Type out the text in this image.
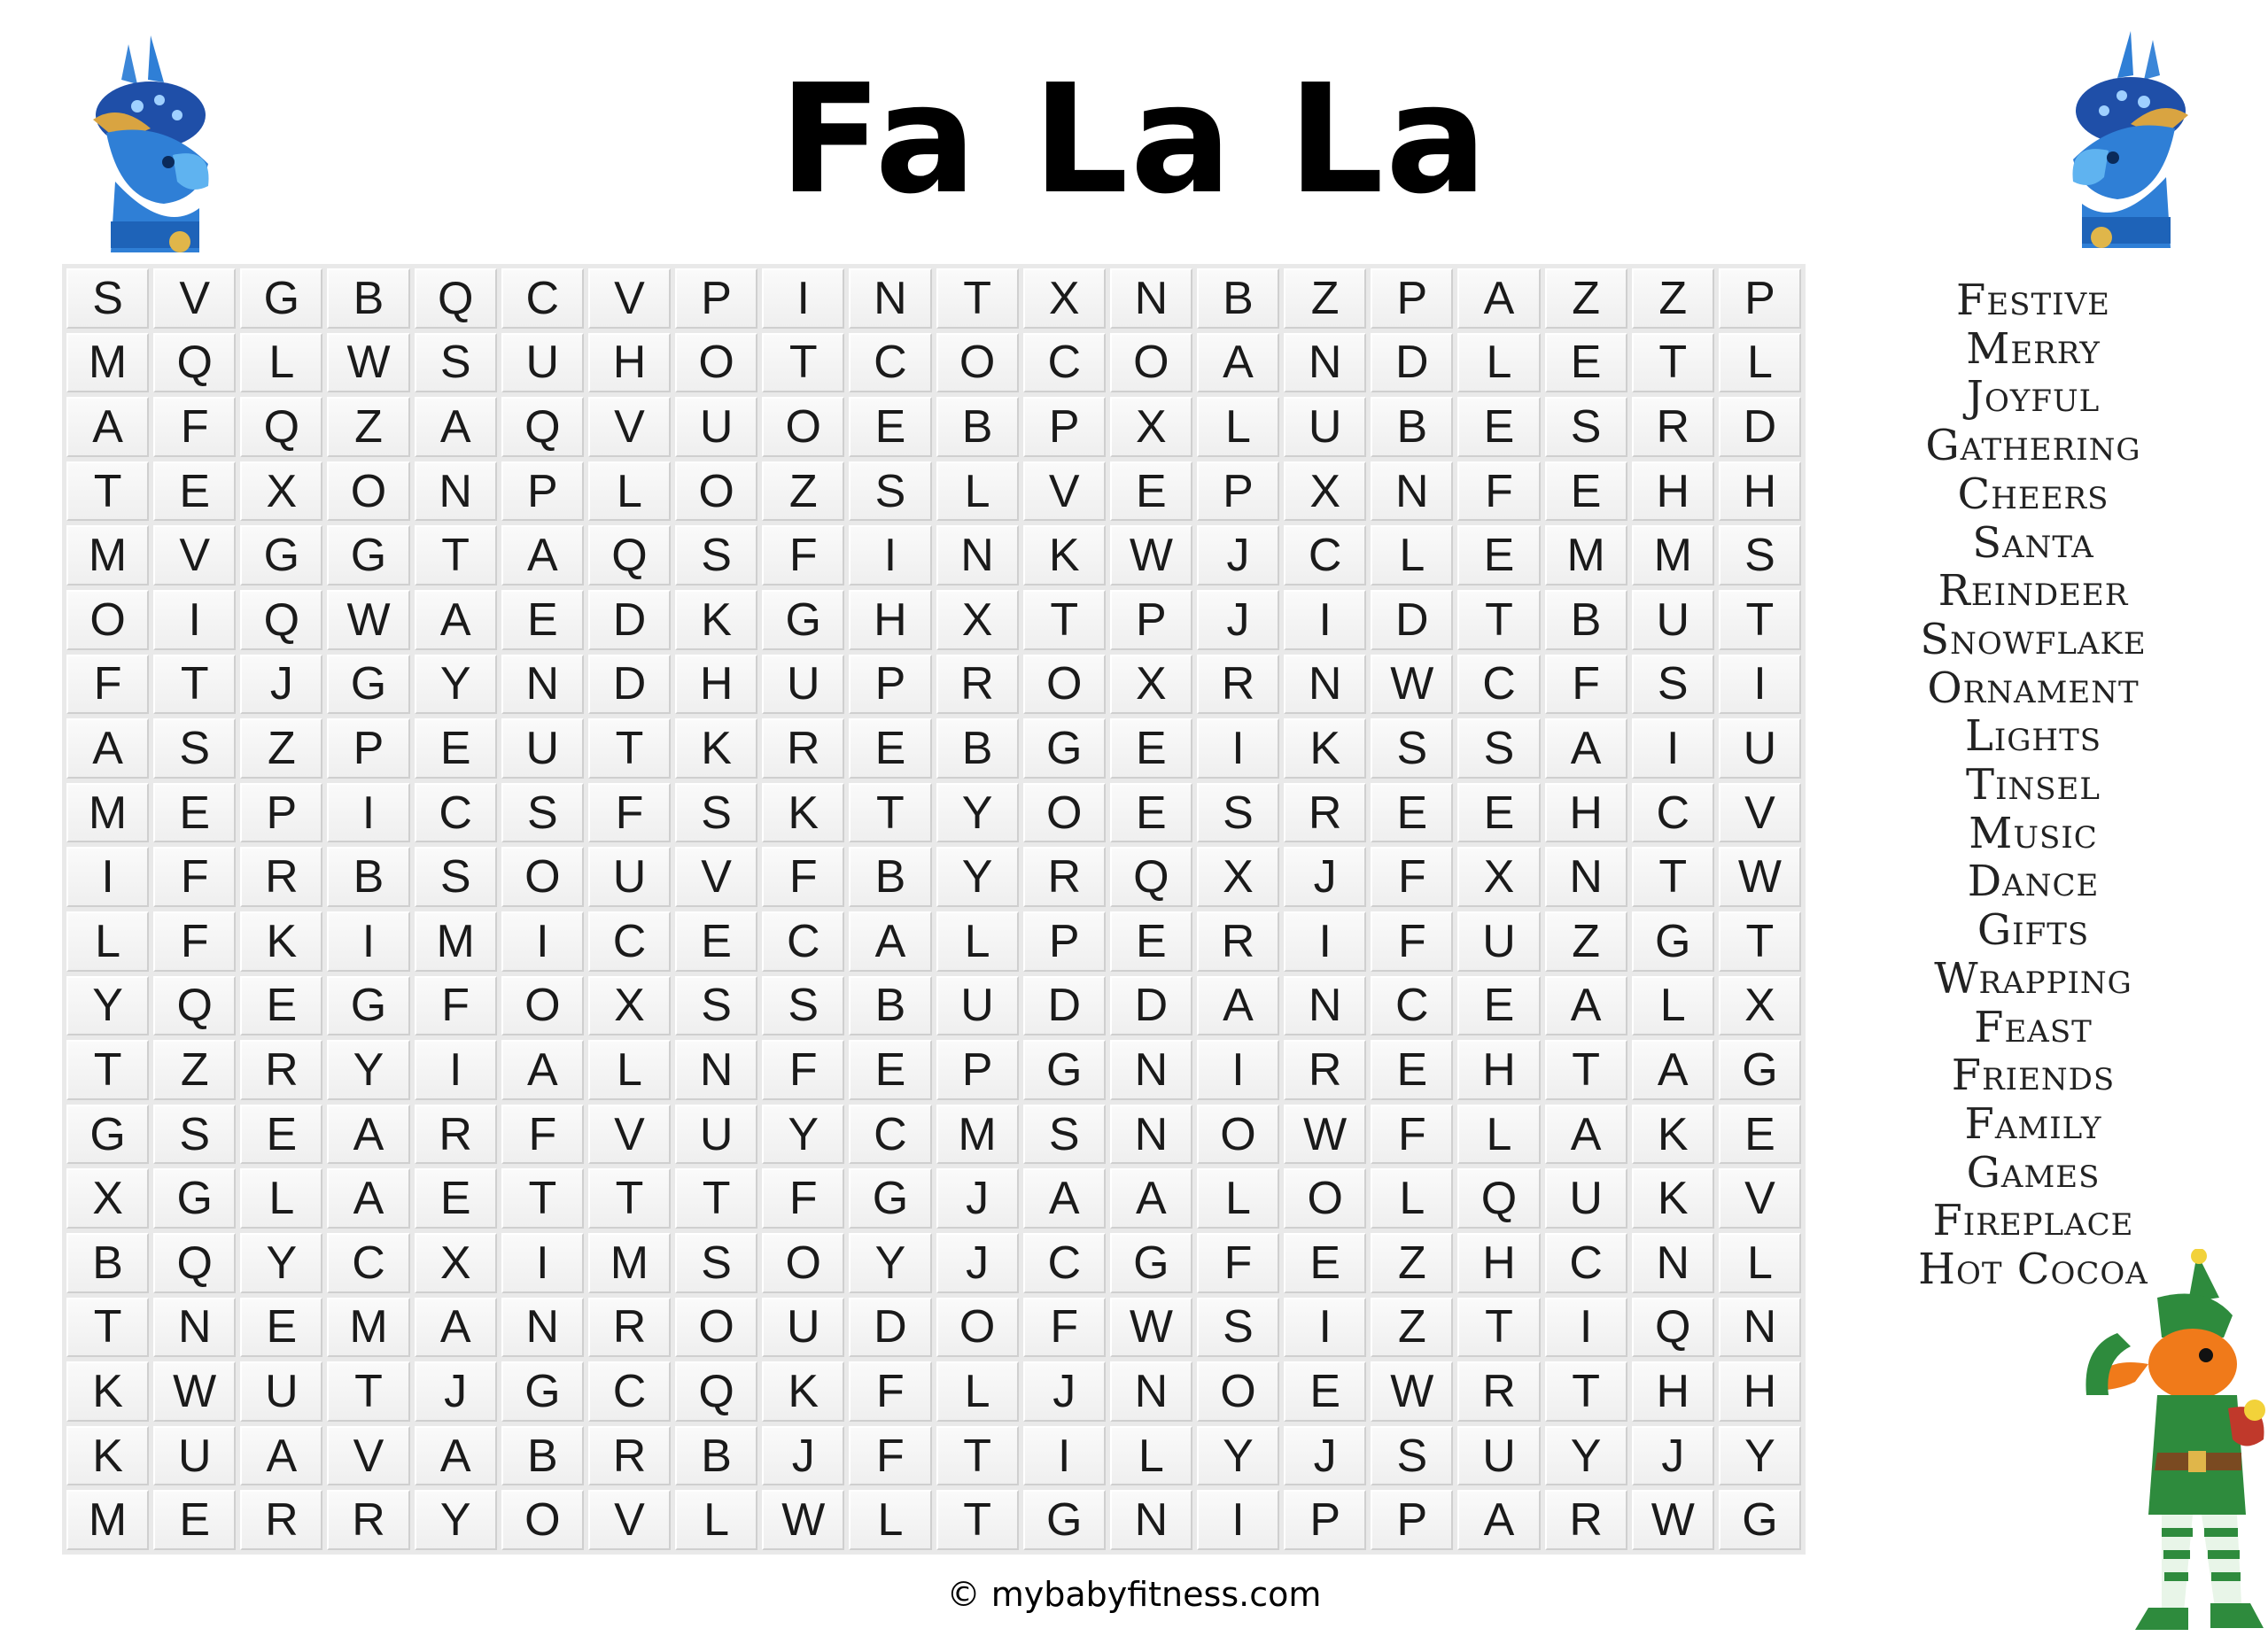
Fa La La
S	V	G	B	Q	C	V	P	I	N	T	X	N	B	Z	P	A	Z	Z	P
M	Q	L	W	S	U	H	O	T	C	O	C	O	A	N	D	L	E	T	L
A	F	Q	Z	A	Q	V	U	O	E	B	P	X	L	U	B	E	S	R	D
T	E	X	O	N	P	L	O	Z	S	L	V	E	P	X	N	F	E	H	H
M	V	G	G	T	A	Q	S	F	I	N	K	W	J	C	L	E	M	M	S
O	I	Q	W	A	E	D	K	G	H	X	T	P	J	I	D	T	B	U	T
F	T	J	G	Y	N	D	H	U	P	R	O	X	R	N	W	C	F	S	I
A	S	Z	P	E	U	T	K	R	E	B	G	E	I	K	S	S	A	I	U
M	E	P	I	C	S	F	S	K	T	Y	O	E	S	R	E	E	H	C	V
I	F	R	B	S	O	U	V	F	B	Y	R	Q	X	J	F	X	N	T	W
L	F	K	I	M	I	C	E	C	A	L	P	E	R	I	F	U	Z	G	T
Y	Q	E	G	F	O	X	S	S	B	U	D	D	A	N	C	E	A	L	X
T	Z	R	Y	I	A	L	N	F	E	P	G	N	I	R	E	H	T	A	G
G	S	E	A	R	F	V	U	Y	C	M	S	N	O	W	F	L	A	K	E
X	G	L	A	E	T	T	T	F	G	J	A	A	L	O	L	Q	U	K	V
B	Q	Y	C	X	I	M	S	O	Y	J	C	G	F	E	Z	H	C	N	L
T	N	E	M	A	N	R	O	U	D	O	F	W	S	I	Z	T	I	Q	N
K	W	U	T	J	G	C	Q	K	F	L	J	N	O	E	W	R	T	H	H
K	U	A	V	A	B	R	B	J	F	T	I	L	Y	J	S	U	Y	J	Y
M	E	R	R	Y	O	V	L	W	L	T	G	N	I	P	P	A	R	W	G
Festive
Merry
Joyful
Gathering
Cheers
Santa
Reindeer
Snowflake
Ornament
Lights
Tinsel
Music
Dance
Gifts
Wrapping
Feast
Friends
Family
Games
Fireplace
Hot Cocoa
© mybabyfitness.com
